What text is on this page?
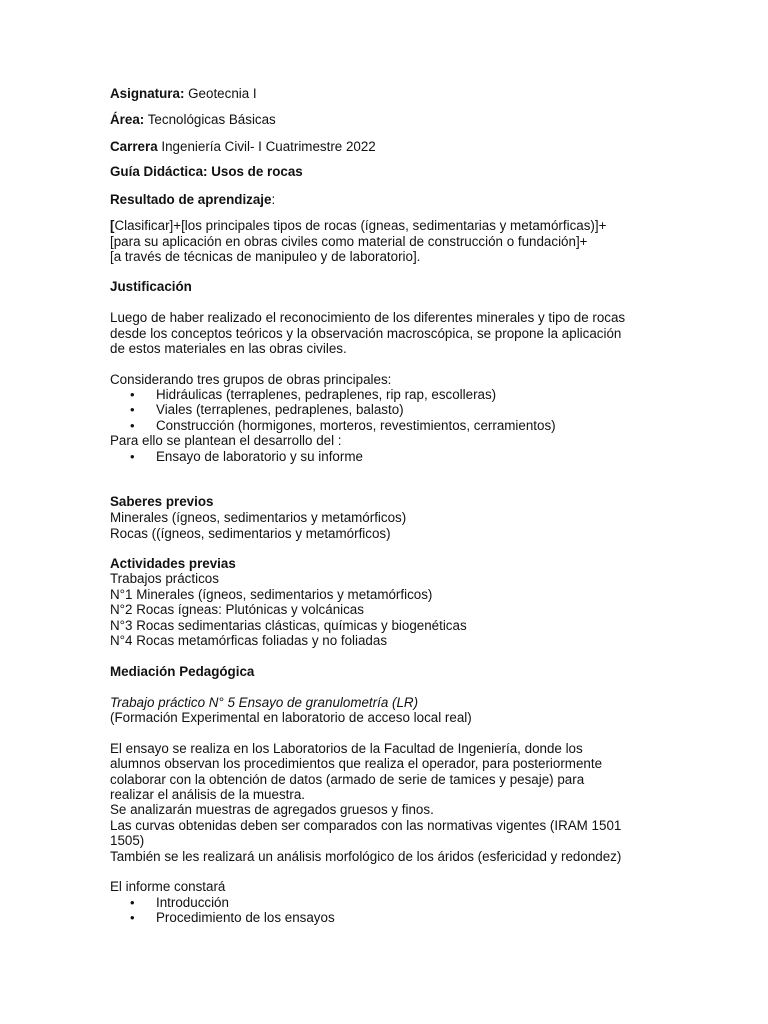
Asignatura: Geotecnia I

Área: Tecnológicas Básicas

Carrera Ingeniería Civil- I Cuatrimestre 2022

Guía Didáctica: Usos de rocas

Resultado de aprendizaje:

[Clasificar]+[los principales tipos de rocas (ígneas, sedimentarias y metamórficas)]+

[para su aplicación en obras civiles como material de construcción o fundación]+

[a través de técnicas de manipuleo y de laboratorio].

Justificación

Luego de haber realizado el reconocimiento de los diferentes minerales y tipo de rocas

desde los conceptos teóricos y la observación macroscópica, se propone la aplicación

de estos materiales en las obras civiles.

Considerando tres grupos de obras principales:

• Hidráulicas (terraplenes, pedraplenes, rip rap, escolleras)
• Viales (terraplenes, pedraplenes, balasto)
• Construcción (hormigones, morteros, revestimientos, cerramientos)

Para ello se plantean el desarrollo del :

• Ensayo de laboratorio y su informe

Saberes previos

Minerales (ígneos, sedimentarios y metamórficos)

Rocas ((ígneos, sedimentarios y metamórficos)

Actividades previas

Trabajos prácticos

N°1 Minerales (ígneos, sedimentarios y metamórficos)

N°2 Rocas ígneas: Plutónicas y volcánicas

N°3 Rocas sedimentarias clásticas, químicas y biogenéticas

N°4 Rocas metamórficas foliadas y no foliadas

Mediación Pedagógica

Trabajo práctico N° 5 Ensayo de granulometría (LR)

(Formación Experimental en laboratorio de acceso local real)

El ensayo se realiza en los Laboratorios de la Facultad de Ingeniería, donde los

alumnos observan los procedimientos que realiza el operador, para posteriormente

colaborar con la obtención de datos (armado de serie de tamices y pesaje) para

realizar el análisis de la muestra.

Se analizarán muestras de agregados gruesos y finos.

Las curvas obtenidas deben ser comparados con las normativas vigentes (IRAM 1501

1505)

También se les realizará un análisis morfológico de los áridos (esfericidad y redondez)

El informe constará

• Introducción
• Procedimiento de los ensayos
